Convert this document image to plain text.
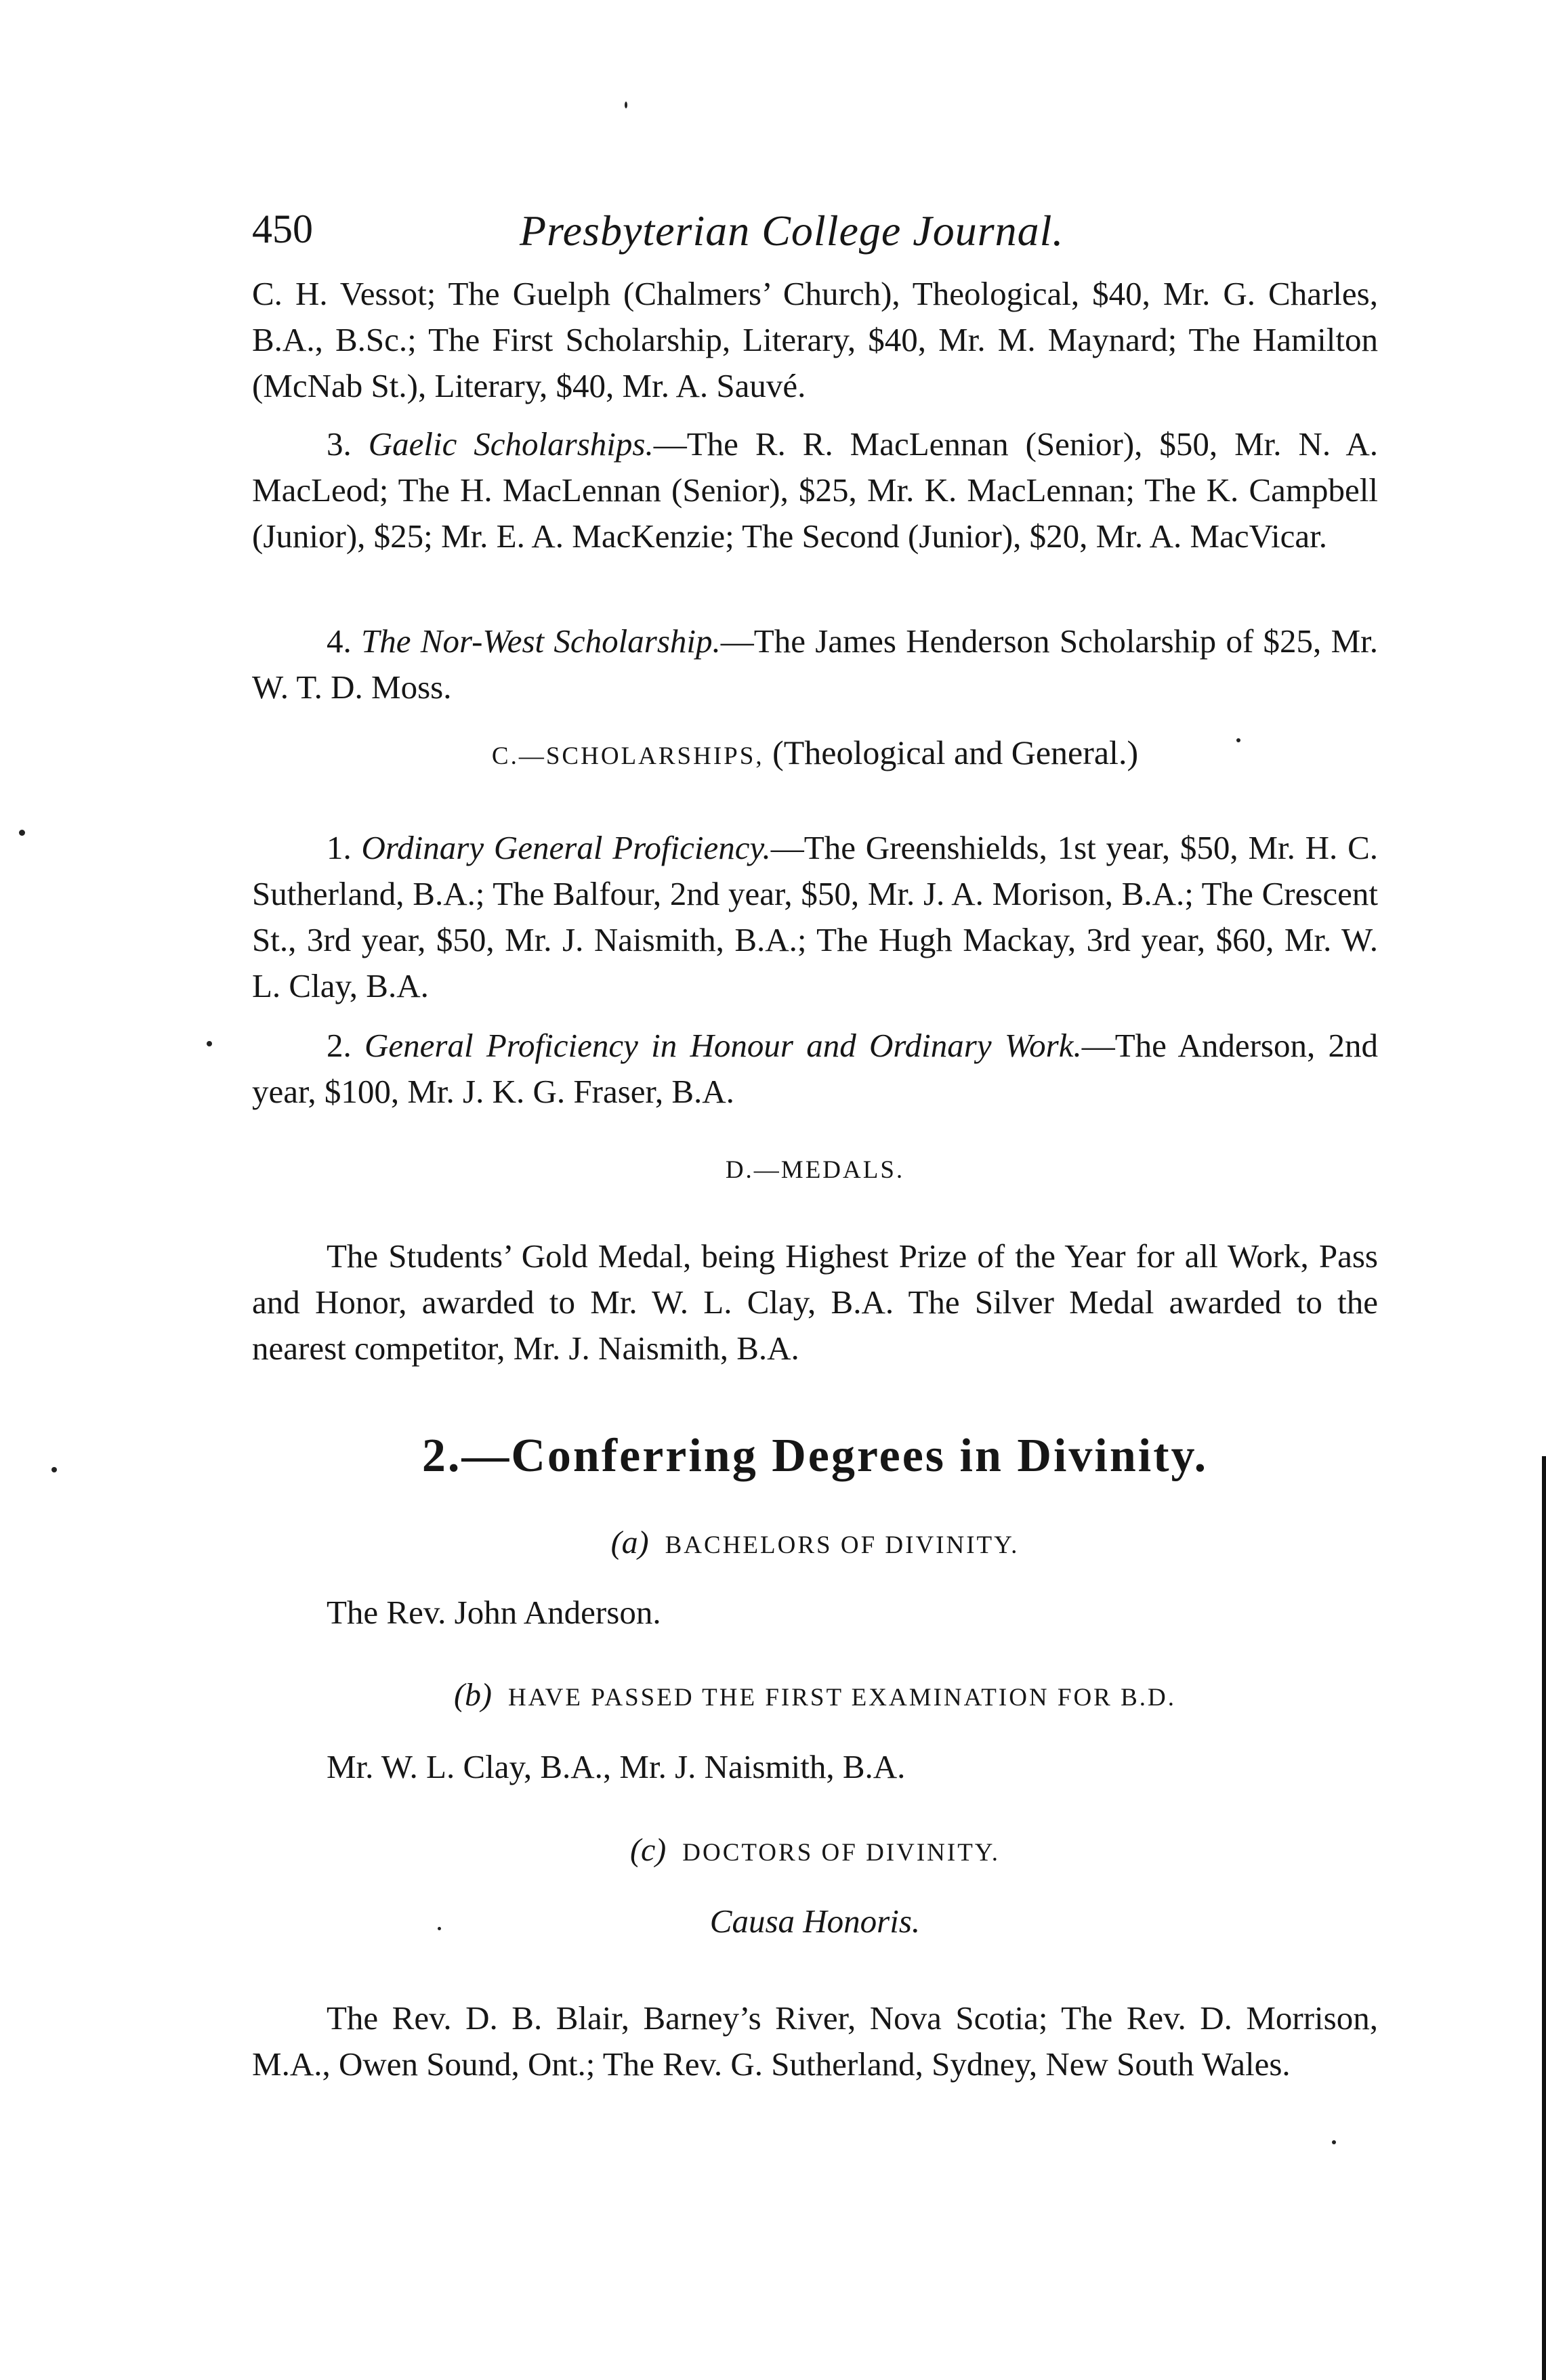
450	Presbyterian College Journal.

C. H. Vessot; The Guelph (Chalmers’ Church), Theological, $40, Mr. G. Charles, B.A., B.Sc.; The First Scholarship, Literary, $40, Mr. M. Maynard; The Hamilton (McNab St.), Literary, $40, Mr. A. Sauvé.

3. Gaelic Scholarships.—The R. R. MacLennan (Senior), $50, Mr. N. A. MacLeod; The H. MacLennan (Senior), $25, Mr. K. MacLennan; The K. Campbell (Junior), $25; Mr. E. A. MacKenzie; The Second (Junior), $20, Mr. A. MacVicar.

4. The Nor-West Scholarship.—The James Henderson Scholarship of $25, Mr. W. T. D. Moss.

C.—SCHOLARSHIPS, (Theological and General.)

1. Ordinary General Proficiency.—The Greenshields, 1st year, $50, Mr. H. C. Sutherland, B.A.; The Balfour, 2nd year, $50, Mr. J. A. Morison, B.A.; The Crescent St., 3rd year, $50, Mr. J. Naismith, B.A.; The Hugh Mackay, 3rd year, $60, Mr. W. L. Clay, B.A.

2. General Proficiency in Honour and Ordinary Work.—The Anderson, 2nd year, $100, Mr. J. K. G. Fraser, B.A.

D.—MEDALS.

The Students’ Gold Medal, being Highest Prize of the Year for all Work, Pass and Honor, awarded to Mr. W. L. Clay, B.A. The Silver Medal awarded to the nearest competitor, Mr. J. Naismith, B.A.

2.—Conferring Degrees in Divinity.
(a) BACHELORS OF DIVINITY.

The Rev. John Anderson.

(b) HAVE PASSED THE FIRST EXAMINATION FOR B.D.

Mr. W. L. Clay, B.A., Mr. J. Naismith, B.A.

(c) DOCTORS OF DIVINITY.
Causa Honoris.

The Rev. D. B. Blair, Barney’s River, Nova Scotia; The Rev. D. Morrison, M.A., Owen Sound, Ont.; The Rev. G. Sutherland, Sydney, New South Wales.
